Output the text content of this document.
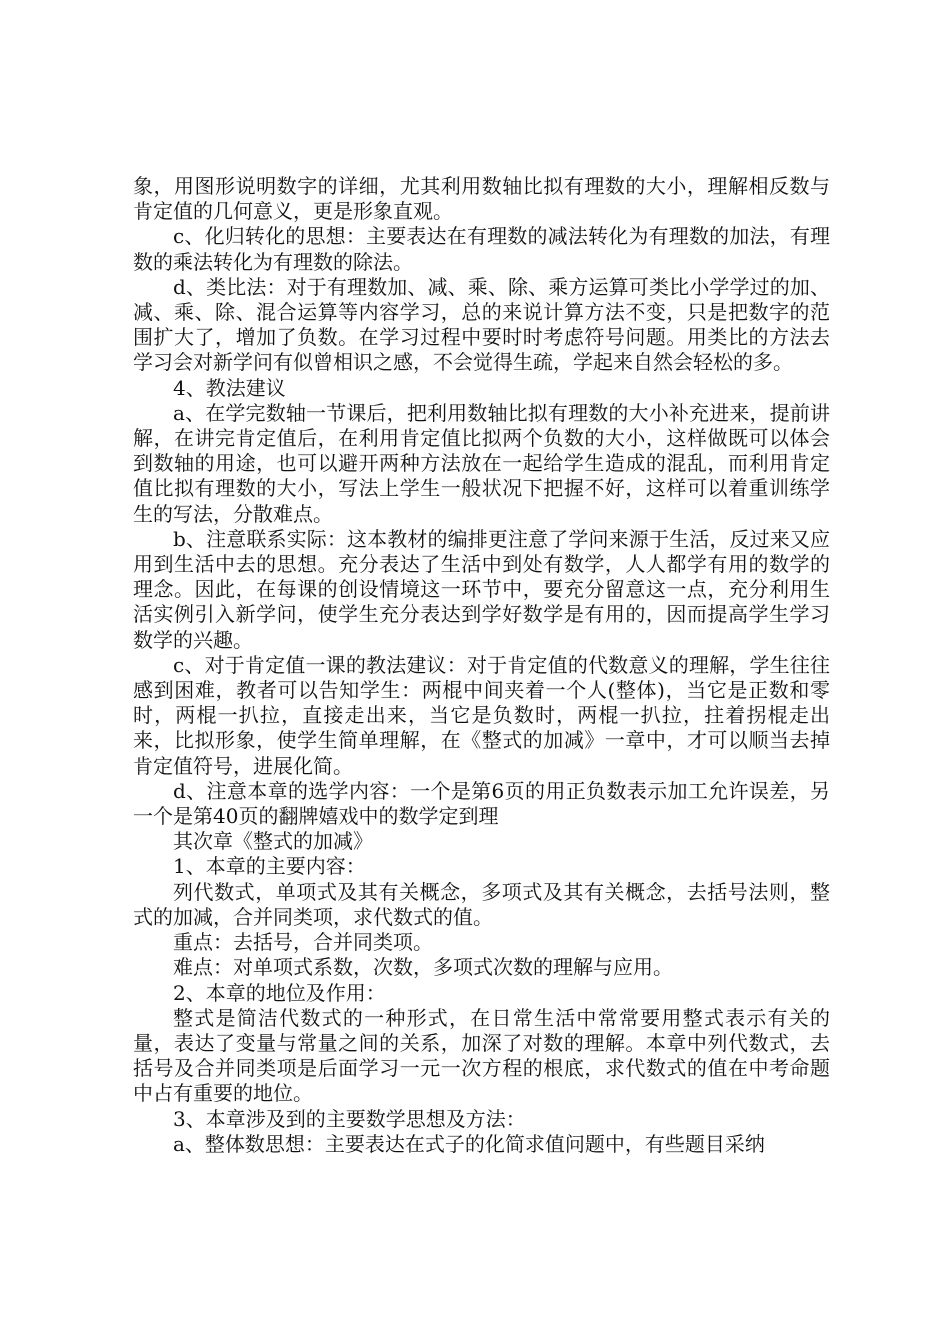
象，用图形说明数字的详细，尤其利用数轴比拟有理数的大小，理解相反数与肯定值的几何意义，更是形象直观。

c、化归转化的思想：主要表达在有理数的减法转化为有理数的加法，有理数的乘法转化为有理数的除法。

d、类比法：对于有理数加、减、乘、除、乘方运算可类比小学学过的加、减、乘、除、混合运算等内容学习，总的来说计算方法不变，只是把数字的范围扩大了，增加了负数。在学习过程中要时时考虑符号问题。用类比的方法去学习会对新学问有似曾相识之感，不会觉得生疏，学起来自然会轻松的多。

4、教法建议

a、在学完数轴一节课后，把利用数轴比拟有理数的大小补充进来，提前讲解，在讲完肯定值后，在利用肯定值比拟两个负数的大小，这样做既可以体会到数轴的用途，也可以避开两种方法放在一起给学生造成的混乱，而利用肯定值比拟有理数的大小，写法上学生一般状况下把握不好，这样可以着重训练学生的写法，分散难点。

b、注意联系实际：这本教材的编排更注意了学问来源于生活，反过来又应用到生活中去的思想。充分表达了生活中到处有数学，人人都学有用的数学的理念。因此，在每课的创设情境这一环节中，要充分留意这一点，充分利用生活实例引入新学问，使学生充分表达到学好数学是有用的，因而提高学生学习数学的兴趣。

c、对于肯定值一课的教法建议：对于肯定值的代数意义的理解，学生往往感到困难，教者可以告知学生：两棍中间夹着一个人(整体)，当它是正数和零时，两棍一扒拉，直接走出来，当它是负数时，两棍一扒拉，拄着拐棍走出来，比拟形象，使学生简单理解，在《整式的加减》一章中，才可以顺当去掉肯定值符号，进展化简。

d、注意本章的选学内容：一个是第6页的用正负数表示加工允许误差，另一个是第40页的翻牌嬉戏中的数学定到理

其次章《整式的加减》

1、本章的主要内容：

列代数式，单项式及其有关概念，多项式及其有关概念，去括号法则，整式的加减，合并同类项，求代数式的值。

重点：去括号，合并同类项。

难点：对单项式系数，次数，多项式次数的理解与应用。

2、本章的地位及作用：

整式是简洁代数式的一种形式，在日常生活中常常要用整式表示有关的量，表达了变量与常量之间的关系，加深了对数的理解。本章中列代数式，去括号及合并同类项是后面学习一元一次方程的根底，求代数式的值在中考命题中占有重要的地位。

3、本章涉及到的主要数学思想及方法：

a、整体数思想：主要表达在式子的化简求值问题中，有些题目采纳
